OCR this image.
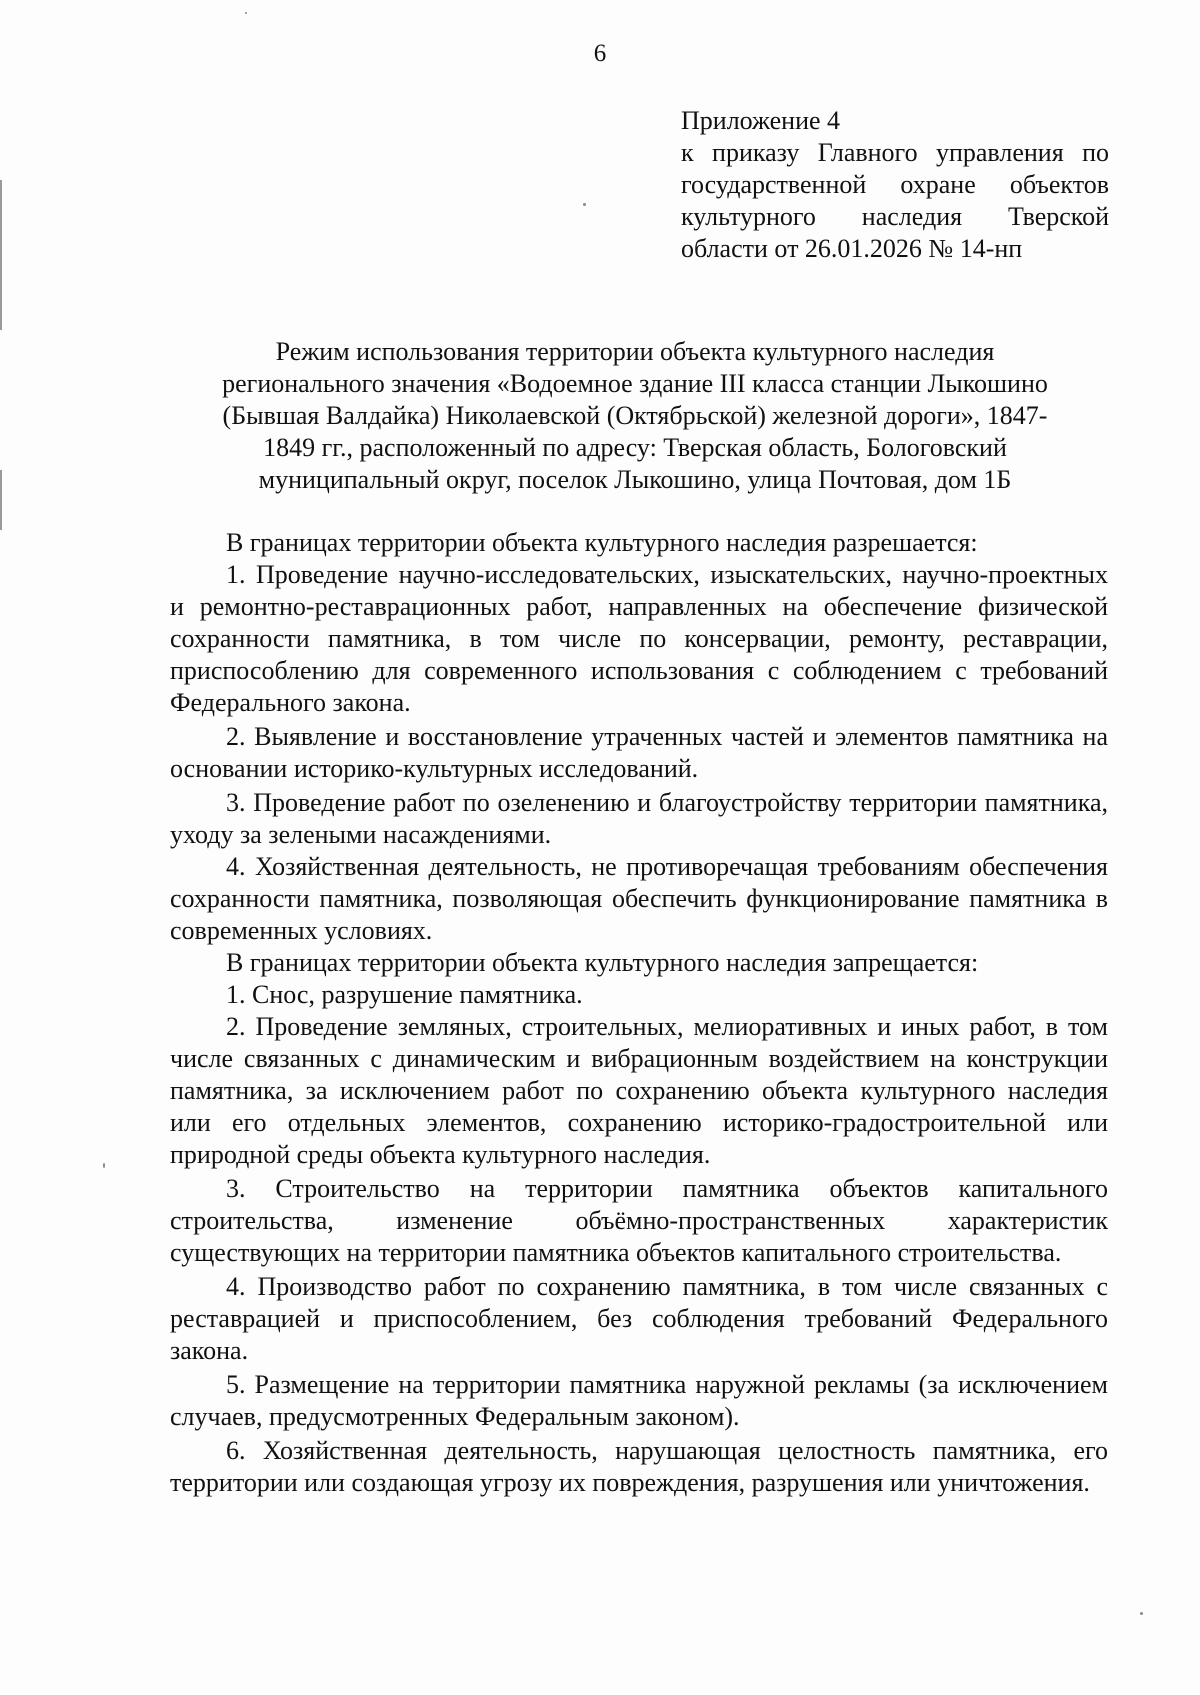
6
Приложение 4
к приказу Главного управления по
государственной охране объектов
культурного наследия Тверской
области от 26.01.2026 № 14-нп
Режим использования территории объекта культурного наследия
регионального значения «Водоемное здание III класса станции Лыкошино
(Бывшая Валдайка) Николаевской (Октябрьской) железной дороги», 1847-
1849 гг., расположенный по адресу: Тверская область, Бологовский
муниципальный округ, поселок Лыкошино, улица Почтовая, дом 1Б

В границах территории объекта культурного наследия разрешается:

1. Проведение научно-исследовательских, изыскательских, научно-проектных и ремонтно-реставрационных работ, направленных на обеспечение физической сохранности памятника, в том числе по консервации, ремонту, реставрации, приспособлению для современного использования с соблюдением с требований Федерального закона.

2. Выявление и восстановление утраченных частей и элементов памятника на основании историко-культурных исследований.

3. Проведение работ по озеленению и благоустройству территории памятника, уходу за зелеными насаждениями.

4. Хозяйственная деятельность, не противоречащая требованиям обеспечения сохранности памятника, позволяющая обеспечить функционирование памятника в современных условиях.

В границах территории объекта культурного наследия запрещается:

1. Снос, разрушение памятника.

2. Проведение земляных, строительных, мелиоративных и иных работ, в том числе связанных с динамическим и вибрационным воздействием на конструкции памятника, за исключением работ по сохранению объекта культурного наследия или его отдельных элементов, сохранению историко-градостроительной или природной среды объекта культурного наследия.

3. Строительство на территории памятника объектов капитального строительства, изменение объёмно-пространственных характеристик существующих на территории памятника объектов капитального строительства.

4. Производство работ по сохранению памятника, в том числе связанных с реставрацией и приспособлением, без соблюдения требований Федерального закона.

5. Размещение на территории памятника наружной рекламы (за исключением случаев, предусмотренных Федеральным законом).

6. Хозяйственная деятельность, нарушающая целостность памятника, его территории или создающая угрозу их повреждения, разрушения или уничтожения.
